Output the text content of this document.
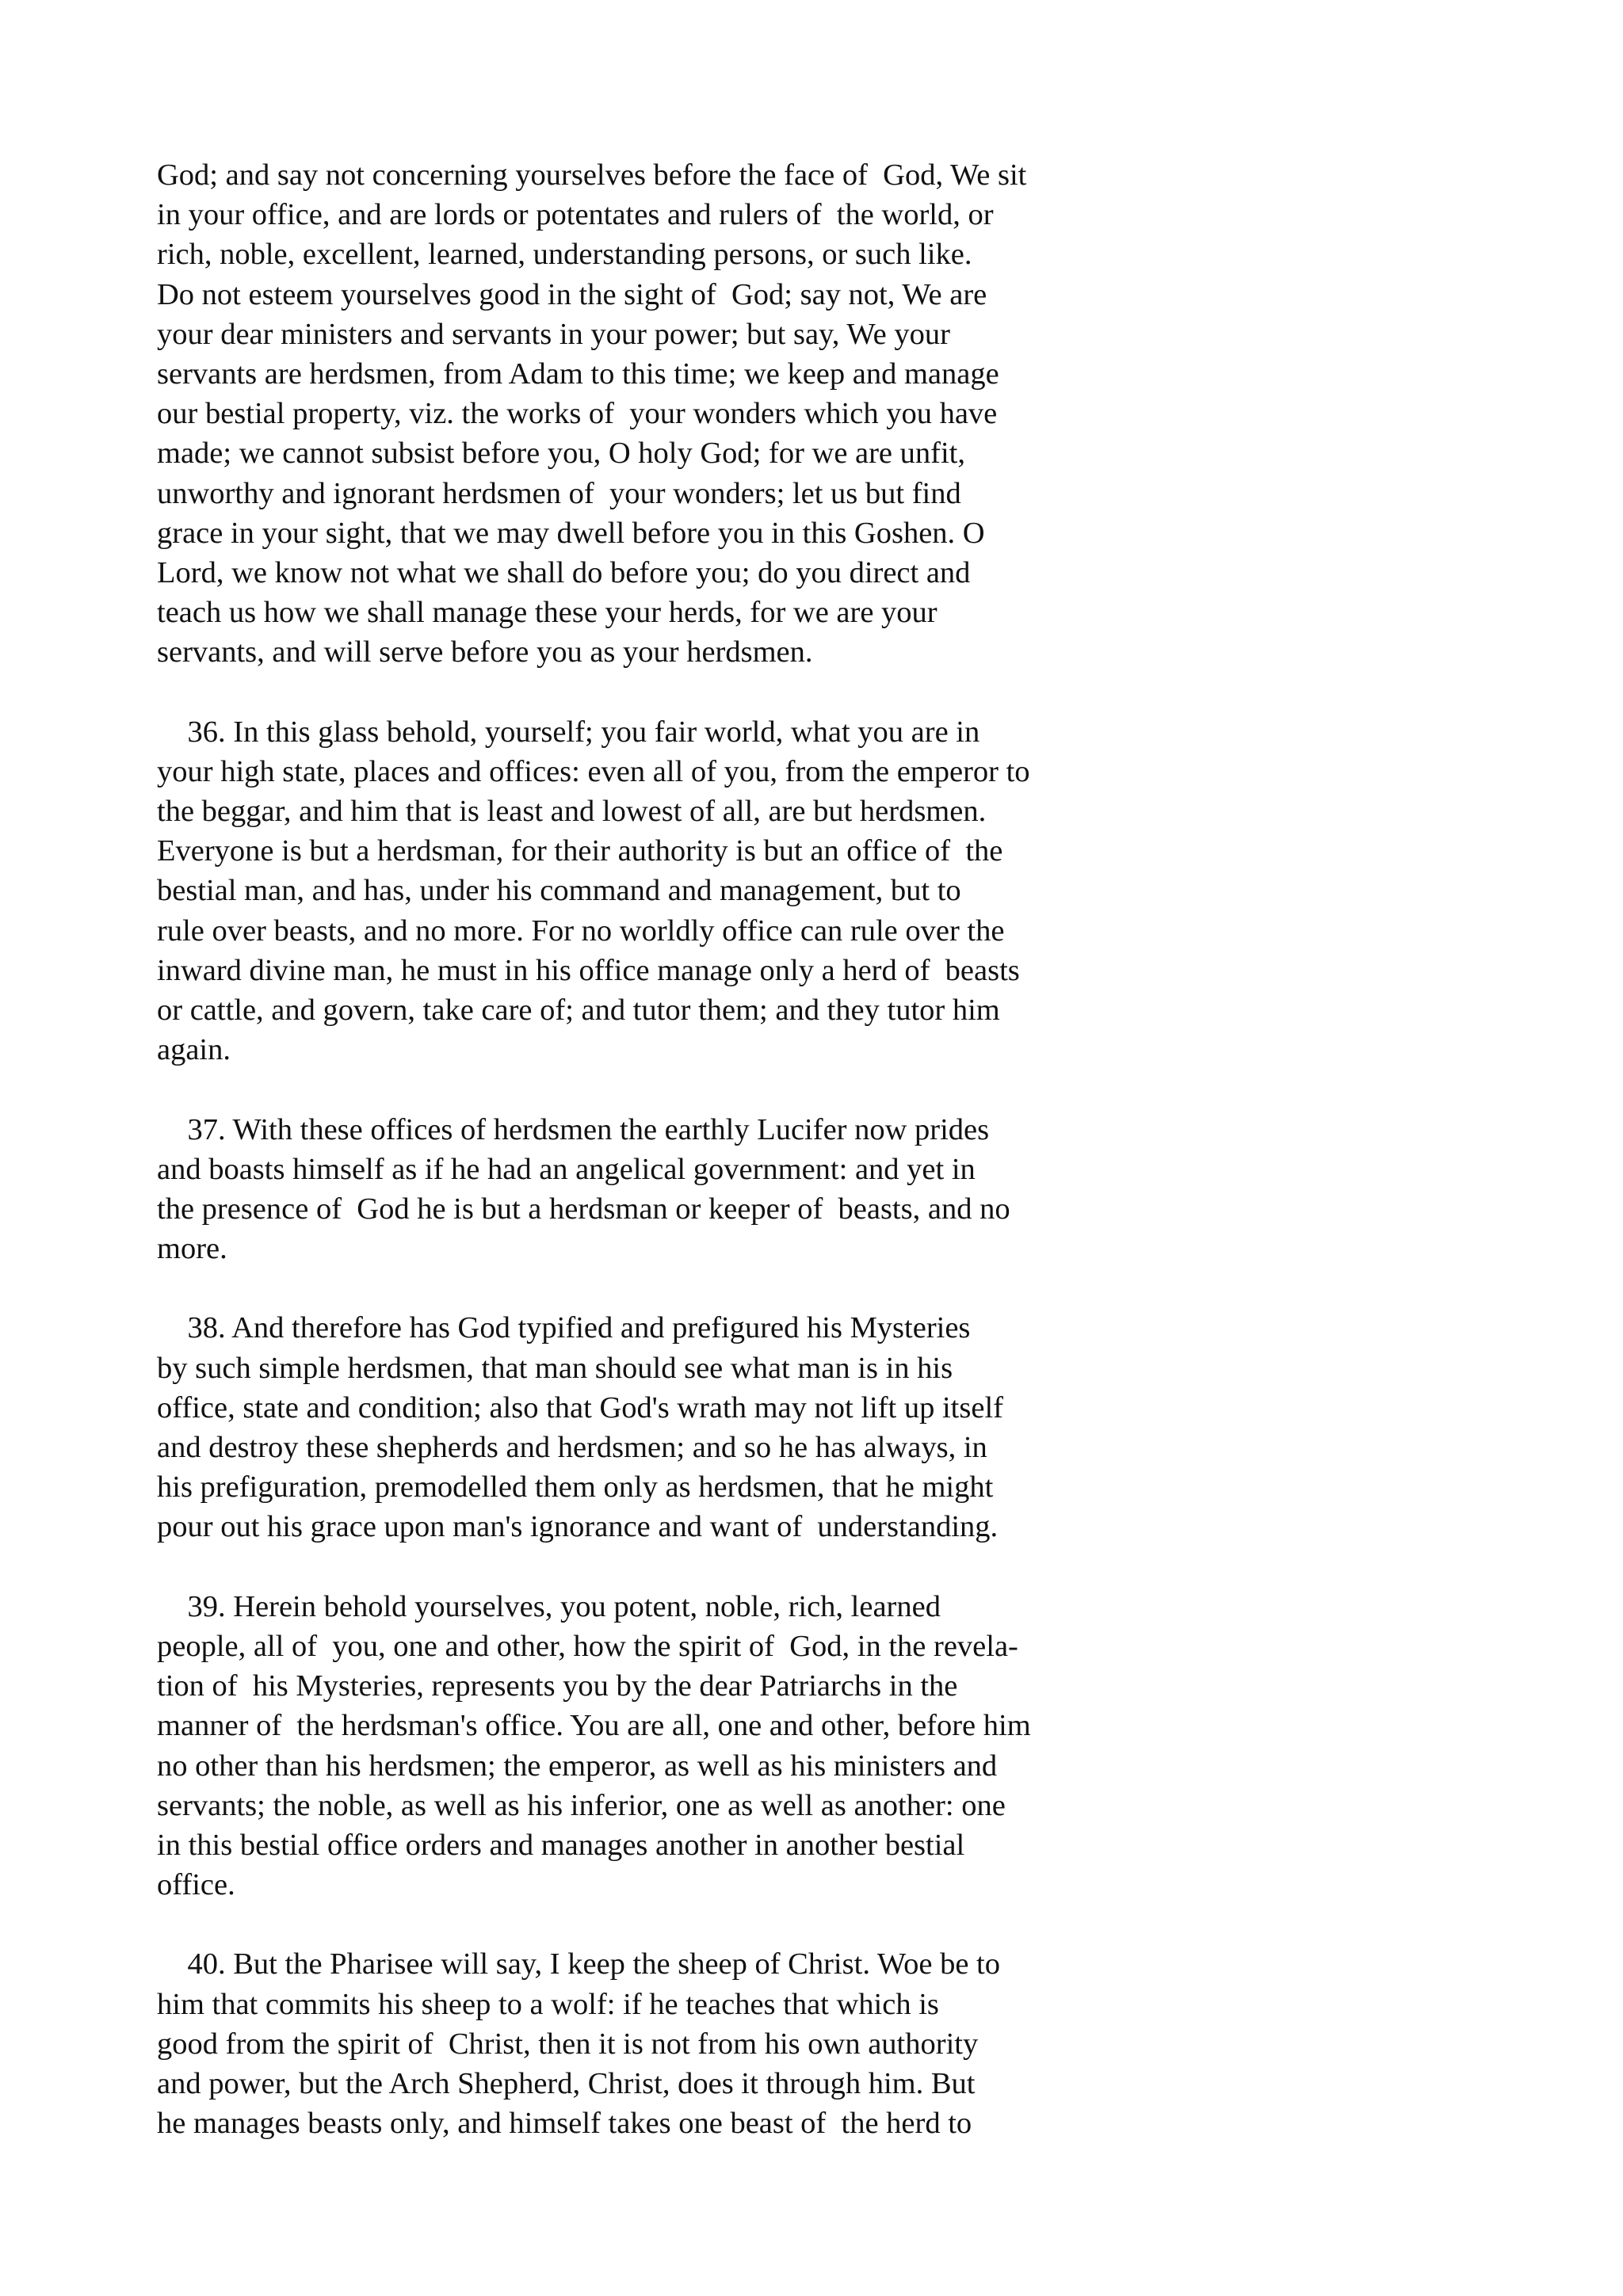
God; and say not concerning yourselves before the face of  God, We sit
in your office, and are lords or potentates and rulers of  the world, or
rich, noble, excellent, learned, understanding persons, or such like.
Do not esteem yourselves good in the sight of  God; say not, We are
your dear ministers and servants in your power; but say, We your
servants are herdsmen, from Adam to this time; we keep and manage
our bestial property, viz. the works of  your wonders which you have
made; we cannot subsist before you, O holy God; for we are unfit,
unworthy and ignorant herdsmen of  your wonders; let us but find
grace in your sight, that we may dwell before you in this Goshen. O
Lord, we know not what we shall do before you; do you direct and
teach us how we shall manage these your herds, for we are your
servants, and will serve before you as your herdsmen.
36. In this glass behold, yourself; you fair world, what you are in
your high state, places and offices: even all of you, from the emperor to
the beggar, and him that is least and lowest of all, are but herdsmen.
Everyone is but a herdsman, for their authority is but an office of  the
bestial man, and has, under his command and management, but to
rule over beasts, and no more. For no worldly office can rule over the
inward divine man, he must in his office manage only a herd of  beasts
or cattle, and govern, take care of; and tutor them; and they tutor him
again.
37. With these offices of herdsmen the earthly Lucifer now prides
and boasts himself as if he had an angelical government: and yet in
the presence of  God he is but a herdsman or keeper of  beasts, and no
more.
38. And therefore has God typified and prefigured his Mysteries
by such simple herdsmen, that man should see what man is in his
office, state and condition; also that God's wrath may not lift up itself
and destroy these shepherds and herdsmen; and so he has always, in
his prefiguration, premodelled them only as herdsmen, that he might
pour out his grace upon man's ignorance and want of  understanding.
39. Herein behold yourselves, you potent, noble, rich, learned
people, all of  you, one and other, how the spirit of  God, in the revela-
tion of  his Mysteries, represents you by the dear Patriarchs in the
manner of  the herdsman's office. You are all, one and other, before him
no other than his herdsmen; the emperor, as well as his ministers and
servants; the noble, as well as his inferior, one as well as another: one
in this bestial office orders and manages another in another bestial
office.
40. But the Pharisee will say, I keep the sheep of Christ. Woe be to
him that commits his sheep to a wolf: if he teaches that which is
good from the spirit of  Christ, then it is not from his own authority
and power, but the Arch Shepherd, Christ, does it through him. But
he manages beasts only, and himself takes one beast of  the herd to
